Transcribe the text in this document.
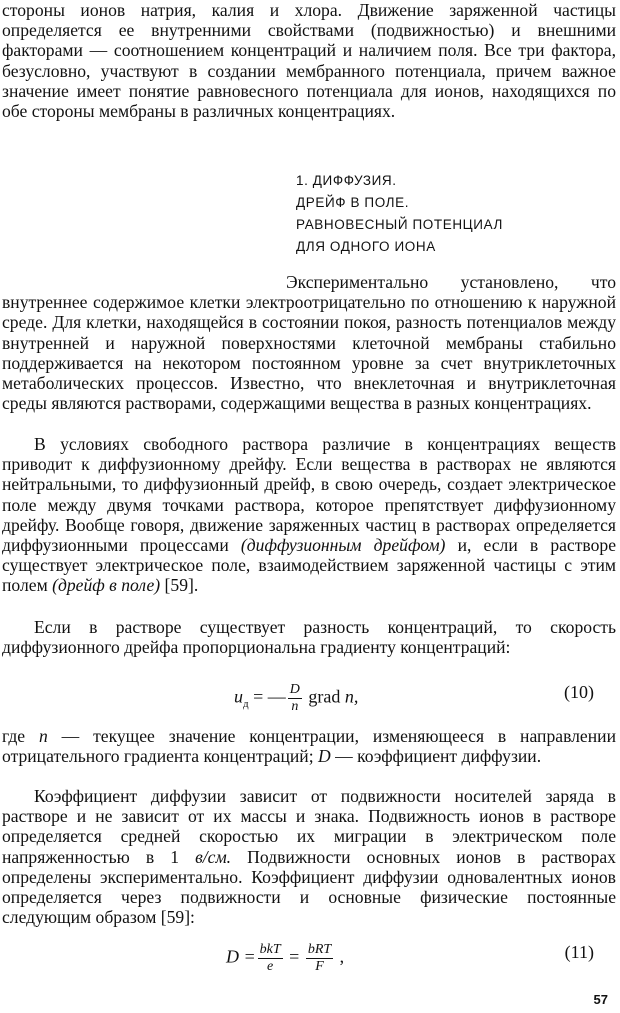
стороны ионов натрия, калия и хлора. Движение заряженной частицы определяется ее внутренними свойствами (подвижностью) и внешними факторами — соотношением концентраций и наличием поля. Все три фактора, безусловно, участвуют в создании мембранного потенциала, причем важное значение имеет понятие равновесного потенциала для ионов, находящихся по обе стороны мембраны в различных концентрациях.

1. ДИФФУЗИЯ.
ДРЕЙФ В ПОЛЕ.
РАВНОВЕСНЫЙ ПОТЕНЦИАЛ
ДЛЯ ОДНОГО ИОНА

Экспериментально установлено, что внутреннее содержимое клетки электроотрицательно по отношению к наружной среде. Для клетки, находящейся в состоянии покоя, разность потенциалов между внутренней и наружной поверхностями клеточной мембраны стабильно поддерживается на некотором постоянном уровне за счет внутриклеточных метаболических процессов. Известно, что внеклеточная и внутриклеточная среды являются растворами, содержащими вещества в разных концентрациях.

В условиях свободного раствора различие в концентрациях веществ приводит к диффузионному дрейфу. Если вещества в растворах не являются нейтральными, то диффузионный дрейф, в свою очередь, создает электрическое поле между двумя точками раствора, которое препятствует диффузионному дрейфу. Вообще говоря, движение заряженных частиц в растворах определяется диффузионными процессами (диффузионным дрейфом) и, если в растворе существует электрическое поле, взаимодействием заряженной частицы с этим полем (дрейф в поле) [59].

Если в растворе существует разность концентраций, то скорость диффузионного дрейфа пропорциональна градиенту концентраций:

$u_д$ = — $\frac{D}{n}$ grad n,	(10)

где n — текущее значение концентрации, изменяющееся в направлении отрицательного градиента концентраций; D — коэффициент диффузии.

Коэффициент диффузии зависит от подвижности носителей заряда в растворе и не зависит от их массы и знака. Подвижность ионов в растворе определяется средней скоростью их миграции в электрическом поле напряженностью в 1 в/см. Подвижности основных ионов в растворах определены экспериментально. Коэффициент диффузии одновалентных ионов определяется через подвижности и основные физические постоянные следующим образом [59]:

$D = \frac{\text{bkT}}{e} = \frac{\text{bRT}}{F}$ ,	(11)
57
